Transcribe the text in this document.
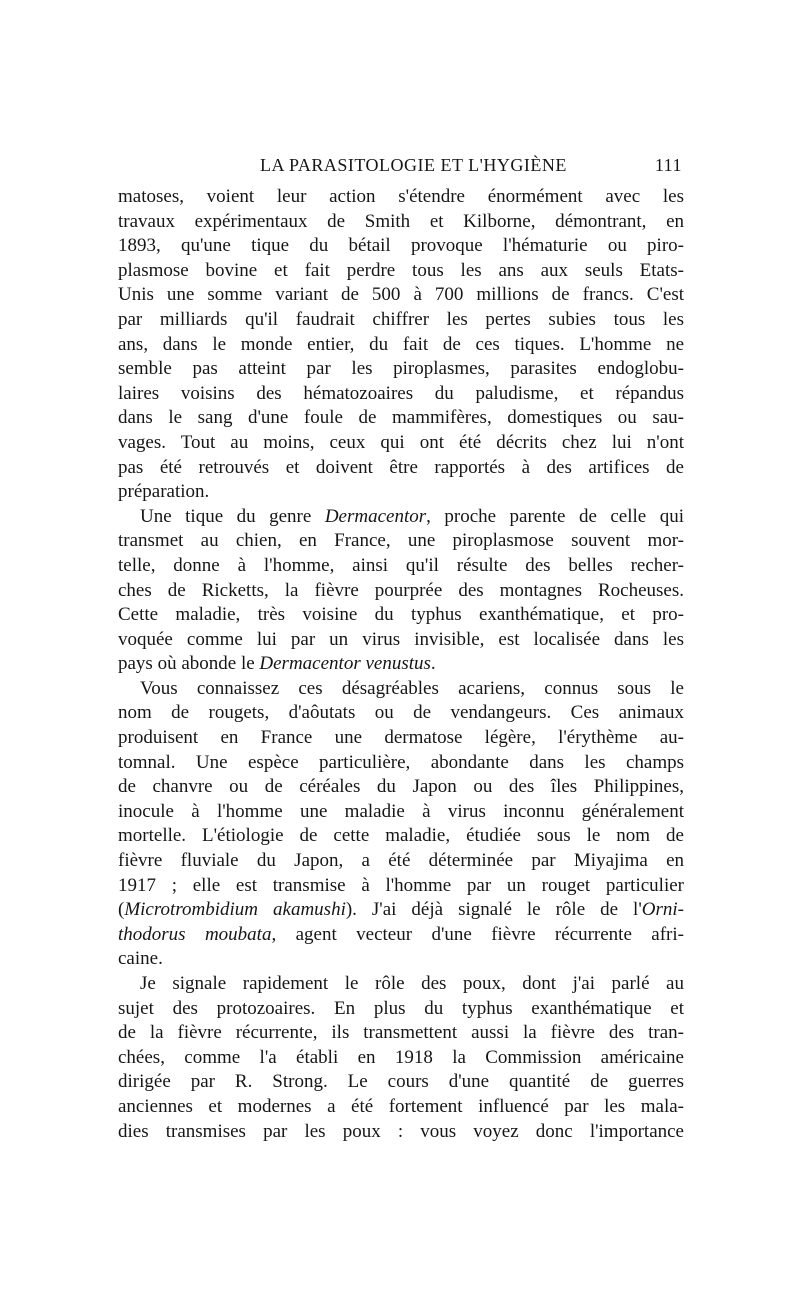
LA PARASITOLOGIE ET L'HYGIÈNE	111
matoses, voient leur action s'étendre énormément avec les
travaux expérimentaux de Smith et Kilborne, démontrant, en
1893, qu'une tique du bétail provoque l'hématurie ou piro-
plasmose bovine et fait perdre tous les ans aux seuls Etats-
Unis une somme variant de 500 à 700 millions de francs. C'est
par milliards qu'il faudrait chiffrer les pertes subies tous les
ans, dans le monde entier, du fait de ces tiques. L'homme ne
semble pas atteint par les piroplasmes, parasites endoglobu-
laires voisins des hématozoaires du paludisme, et répandus
dans le sang d'une foule de mammifères, domestiques ou sau-
vages. Tout au moins, ceux qui ont été décrits chez lui n'ont
pas été retrouvés et doivent être rapportés à des artifices de
préparation.
Une tique du genre Dermacentor, proche parente de celle qui
transmet au chien, en France, une piroplasmose souvent mor-
telle, donne à l'homme, ainsi qu'il résulte des belles recher-
ches de Ricketts, la fièvre pourprée des montagnes Rocheuses.
Cette maladie, très voisine du typhus exanthématique, et pro-
voquée comme lui par un virus invisible, est localisée dans les
pays où abonde le Dermacentor venustus.
Vous connaissez ces désagréables acariens, connus sous le
nom de rougets, d'aôutats ou de vendangeurs. Ces animaux
produisent en France une dermatose légère, l'érythème au-
tomnal. Une espèce particulière, abondante dans les champs
de chanvre ou de céréales du Japon ou des îles Philippines,
inocule à l'homme une maladie à virus inconnu généralement
mortelle. L'étiologie de cette maladie, étudiée sous le nom de
fièvre fluviale du Japon, a été déterminée par Miyajima en
1917 ; elle est transmise à l'homme par un rouget particulier
(Microtrombidium akamushi). J'ai déjà signalé le rôle de l'Orni-
thodorus moubata, agent vecteur d'une fièvre récurrente afri-
caine.
Je signale rapidement le rôle des poux, dont j'ai parlé au
sujet des protozoaires. En plus du typhus exanthématique et
de la fièvre récurrente, ils transmettent aussi la fièvre des tran-
chées, comme l'a établi en 1918 la Commission américaine
dirigée par R. Strong. Le cours d'une quantité de guerres
anciennes et modernes a été fortement influencé par les mala-
dies transmises par les poux : vous voyez donc l'importance
